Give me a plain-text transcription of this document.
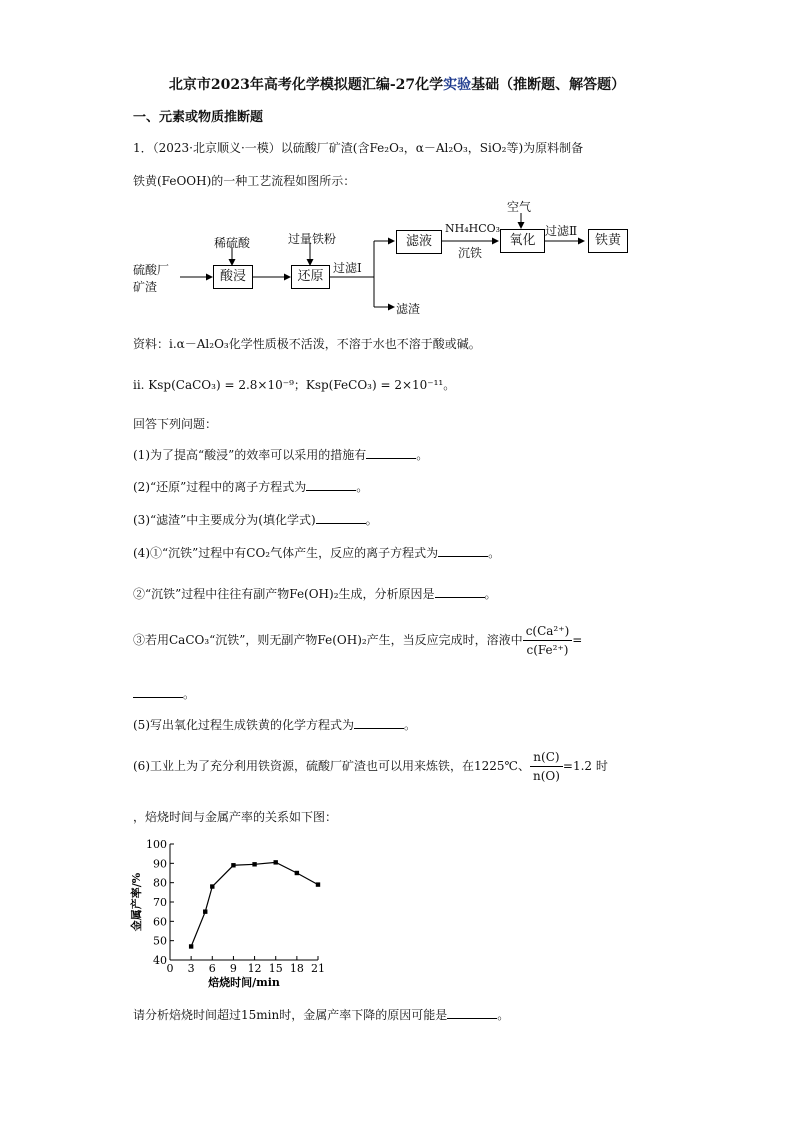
北京市2023年高考化学模拟题汇编-27化学实验基础（推断题、解答题）
一、元素或物质推断题
1．（2023·北京顺义·一模）以硫酸厂矿渣(含Fe₂O₃，α－Al₂O₃，SiO₂等)为原料制备
铁黄(FeOOH)的一种工艺流程如图所示：
硫酸厂
矿渣
稀硫酸
酸浸
过量铁粉
还原
过滤Ⅰ
滤液
滤渣
NH₄HCO₃
沉铁
空气
氧化
过滤Ⅱ
铁黄
资料：i.α－Al₂O₃化学性质极不活泼，不溶于水也不溶于酸或碱。
ii. Ksp(CaCO₃) = 2.8×10⁻⁹；Ksp(FeCO₃) = 2×10⁻¹¹。
回答下列问题：
(1)为了提高“酸浸”的效率可以采用的措施有	。
(2)“还原”过程中的离子方程式为	。
(3)“滤渣”中主要成分为(填化学式)	。
(4)①“沉铁”过程中有CO₂气体产生，反应的离子方程式为	。
②“沉铁”过程中往往有副产物Fe(OH)₂生成，分析原因是	。
③若用CaCO₃“沉铁”，则无副产物Fe(OH)₂产生，当反应完成时，溶液中 $\frac{\text{c(Ca²⁺)}}{\text{c(Fe²⁺)}}$ =
。
(5)写出氧化过程生成铁黄的化学方程式为	。
(6)工业上为了充分利用铁资源，硫酸厂矿渣也可以用来炼铁，在1225℃、 $\frac{n(C)}{n(O)} =1.2$ 时
，焙烧时间与金属产率的关系如下图：
40
50
60
70
80
90
100
0 3 6 9 12 15 18 21
焙烧时间/min
金属产率/%
请分析焙烧时间超过15min时，金属产率下降的原因可能是	。
